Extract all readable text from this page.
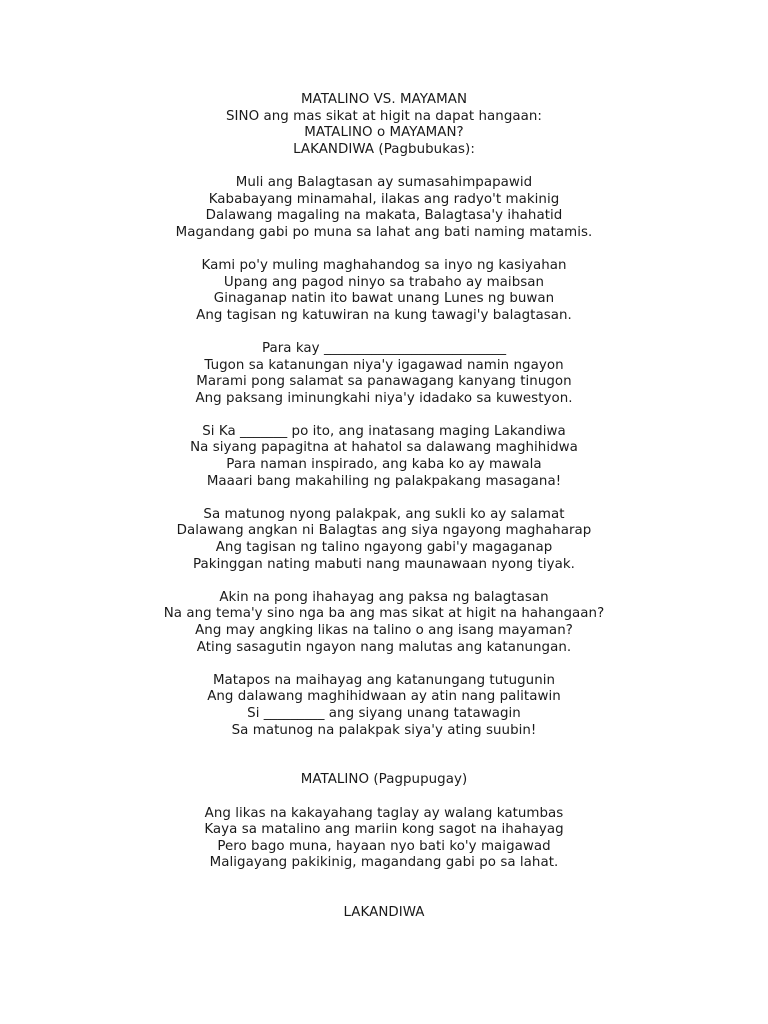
MATALINO VS. MAYAMAN
SINO ang mas sikat at higit na dapat hangaan:
MATALINO o MAYAMAN?
LAKANDIWA (Pagbubukas):
Muli ang Balagtasan ay sumasahimpapawid
Kababayang minamahal, ilakas ang radyo't makinig
Dalawang magaling na makata, Balagtasa'y ihahatid
Magandang gabi po muna sa lahat ang bati naming matamis.
Kami po'y muling maghahandog sa inyo ng kasiyahan
Upang ang pagod ninyo sa trabaho ay maibsan
Ginaganap natin ito bawat unang Lunes ng buwan
Ang tagisan ng katuwiran na kung tawagi'y balagtasan.
Para kay ___________________________
Tugon sa katanungan niya'y igagawad namin ngayon
Marami pong salamat sa panawagang kanyang tinugon
Ang paksang iminungkahi niya'y idadako sa kuwestyon.
Si Ka _______ po ito, ang inatasang maging Lakandiwa
Na siyang papagitna at hahatol sa dalawang maghihidwa
Para naman inspirado, ang kaba ko ay mawala
Maaari bang makahiling ng palakpakang masagana!
Sa matunog nyong palakpak, ang sukli ko ay salamat
Dalawang angkan ni Balagtas ang siya ngayong maghaharap
Ang tagisan ng talino ngayong gabi'y magaganap
Pakinggan nating mabuti nang maunawaan nyong tiyak.
Akin na pong ihahayag ang paksa ng balagtasan
Na ang tema'y sino nga ba ang mas sikat at higit na hahangaan?
Ang may angking likas na talino o ang isang mayaman?
Ating sasagutin ngayon nang malutas ang katanungan.
Matapos na maihayag ang katanungang tutugunin
Ang dalawang maghihidwaan ay atin nang palitawin
Si _________ ang siyang unang tatawagin
Sa matunog na palakpak siya'y ating suubin!
MATALINO (Pagpupugay)
Ang likas na kakayahang taglay ay walang katumbas
Kaya sa matalino ang mariin kong sagot na ihahayag
Pero bago muna, hayaan nyo bati ko'y maigawad
Maligayang pakikinig, magandang gabi po sa lahat.
LAKANDIWA
